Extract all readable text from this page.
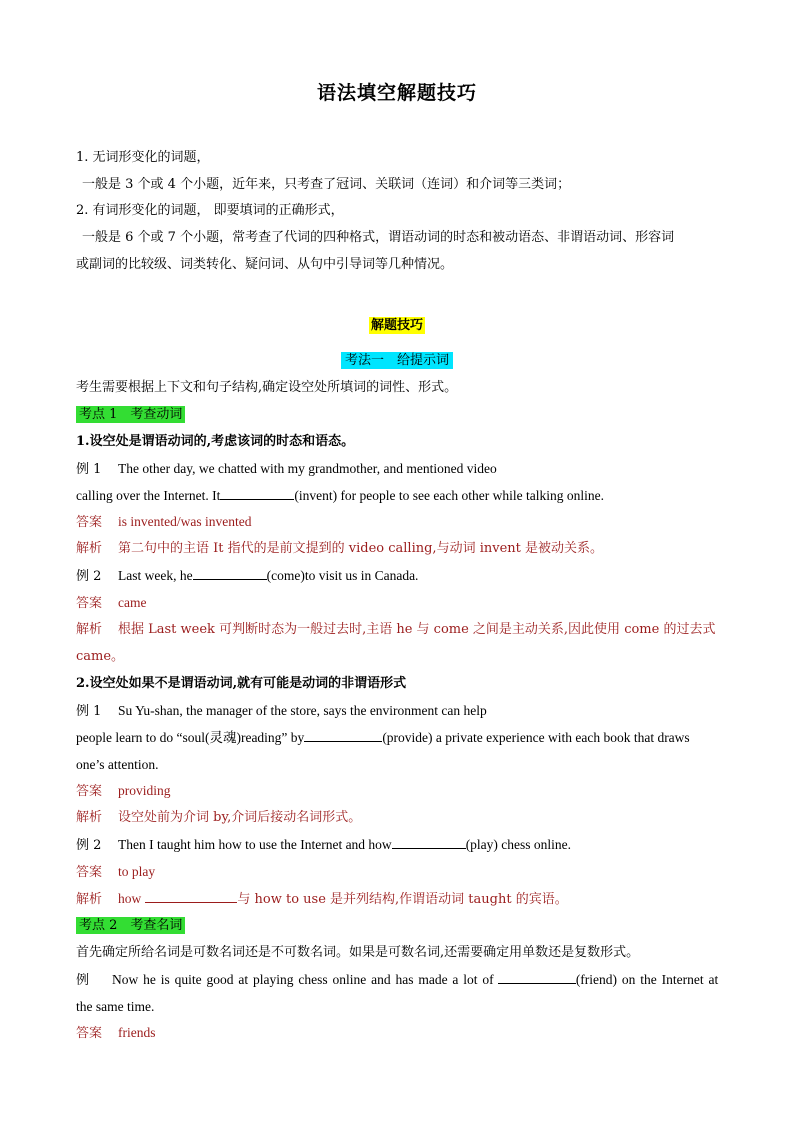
语法填空解题技巧
1. 无词形变化的词题，
一般是 3 个或 4 个小题，近年来，只考查了冠词、关联词（连词）和介词等三类词；
2. 有词形变化的词题， 即要填词的正确形式，
一般是 6 个或 7 个小题，常考查了代词的四种格式，谓语动词的时态和被动语态、非谓语动词、形容词
或副词的比较级、词类转化、疑问词、从句中引导词等几种情况。
解题技巧
考法一　给提示词
考生需要根据上下文和句子结构,确定设空处所填词的词性、形式。
考点 1　考查动词
1.设空处是谓语动词的,考虑该词的时态和语态。
例 1 The other day, we chatted with my grandmother, and mentioned video
calling over the Internet. It	(invent) for people to see each other while talking online.
答案 is invented/was invented
解析 第二句中的主语 It 指代的是前文提到的 video calling,与动词 invent 是被动关系。
例 2 Last week, he	(come)to visit us in Canada.
答案 came
解析 根据 Last week 可判断时态为一般过去时,主语 he 与 come 之间是主动关系,因此使用 come 的过去式
came。
2.设空处如果不是谓语动词,就有可能是动词的非谓语形式
例 1 Su Yu-shan, the manager of the store, says the environment can help
people learn to do “soul(灵魂)reading” by	(provide) a private experience with each book that draws
one’s attention.
答案 providing
解析 设空处前为介词 by,介词后接动名词形式。
例 2 Then I taught him how to use the Internet and how	(play) chess online.
答案 to play
解析 how	与 how to use 是并列结构,作谓语动词 taught 的宾语。
考点 2　考查名词
首先确定所给名词是可数名词还是不可数名词。如果是可数名词,还需要确定用单数还是复数形式。
例 Now he is quite good at playing chess online and has made a lot of	(friend) on the Internet at
the same time.
答案 friends
